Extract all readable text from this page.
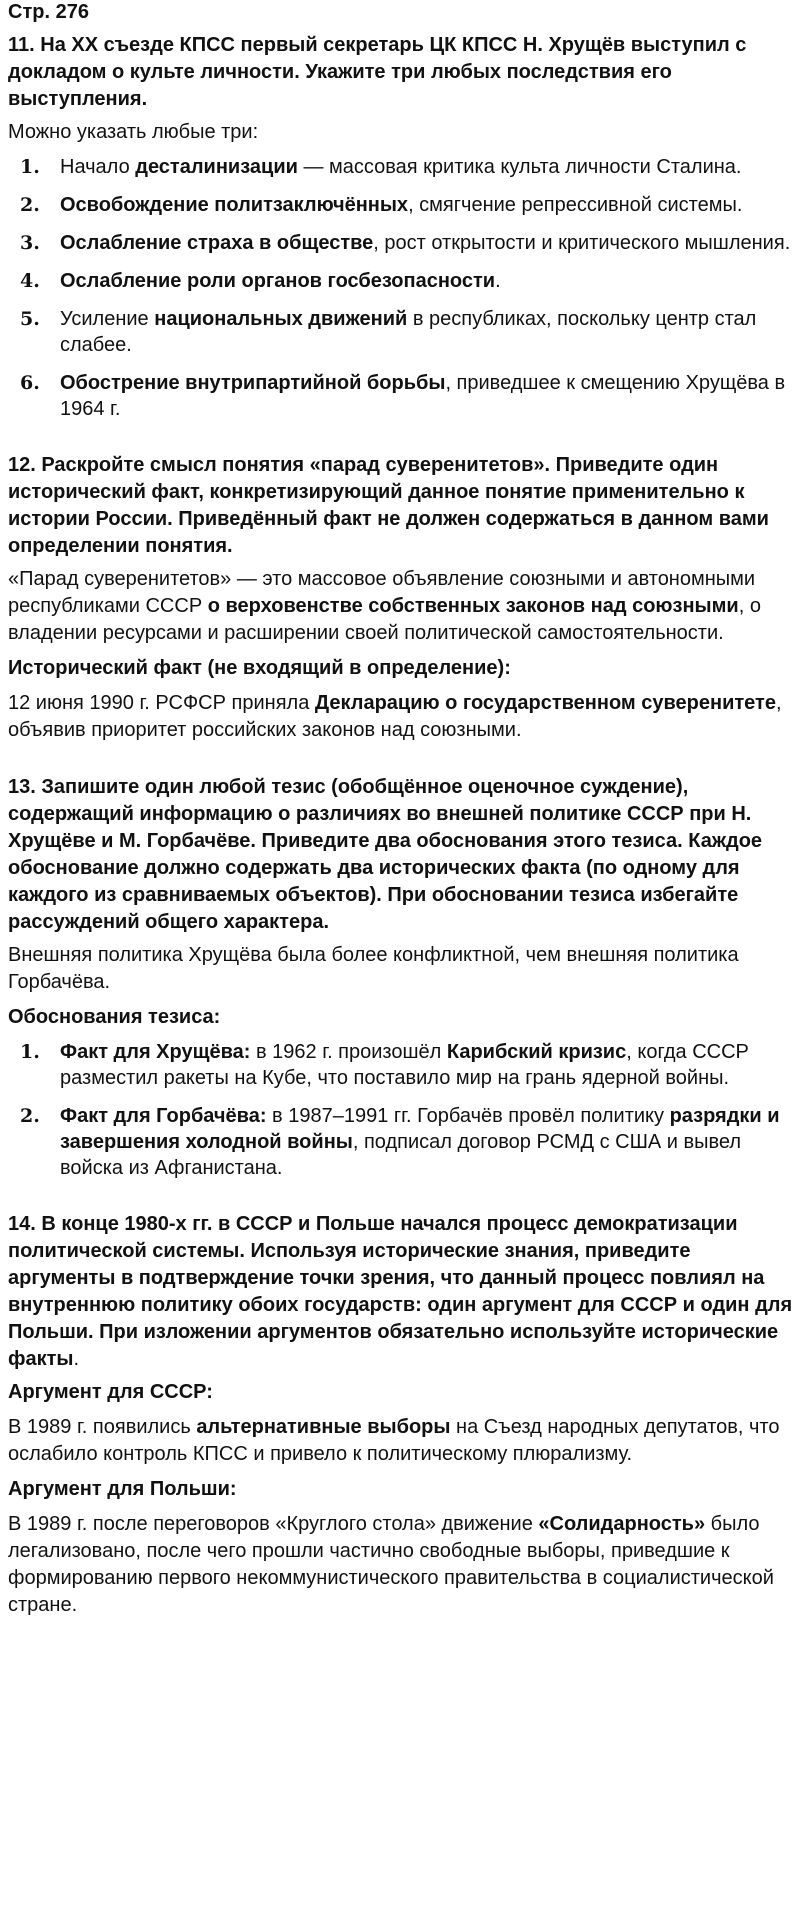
Стр. 276
11. На XX съезде КПСС первый секретарь ЦК КПСС Н. Хрущёв выступил с докладом о культе личности. Укажите три любых последствия его выступления.
Можно указать любые три:
1. Начало десталинизации — массовая критика культа личности Сталина.
2. Освобождение политзаключённых, смягчение репрессивной системы.
3. Ослабление страха в обществе, рост открытости и критического мышления.
4. Ослабление роли органов госбезопасности.
5. Усиление национальных движений в республиках, поскольку центр стал слабее.
6. Обострение внутрипартийной борьбы, приведшее к смещению Хрущёва в 1964 г.
12. Раскройте смысл понятия «парад суверенитетов». Приведите один исторический факт, конкретизирующий данное понятие применительно к истории России. Приведённый факт не должен содержаться в данном вами определении понятия.
«Парад суверенитетов» — это массовое объявление союзными и автономными республиками СССР о верховенстве собственных законов над союзными, о владении ресурсами и расширении своей политической самостоятельности.
Исторический факт (не входящий в определение):
12 июня 1990 г. РСФСР приняла Декларацию о государственном суверенитете, объявив приоритет российских законов над союзными.
13. Запишите один любой тезис (обобщённое оценочное суждение), содержащий информацию о различиях во внешней политике СССР при Н. Хрущёве и М. Горбачёве. Приведите два обоснования этого тезиса. Каждое обоснование должно содержать два исторических факта (по одному для каждого из сравниваемых объектов). При обосновании тезиса избегайте рассуждений общего характера.
Внешняя политика Хрущёва была более конфликтной, чем внешняя политика Горбачёва.
Обоснования тезиса:
1. Факт для Хрущёва: в 1962 г. произошёл Карибский кризис, когда СССР разместил ракеты на Кубе, что поставило мир на грань ядерной войны.
2. Факт для Горбачёва: в 1987–1991 гг. Горбачёв провёл политику разрядки и завершения холодной войны, подписал договор РСМД с США и вывел войска из Афганистана.
14. В конце 1980-х гг. в СССР и Польше начался процесс демократизации политической системы. Используя исторические знания, приведите аргументы в подтверждение точки зрения, что данный процесс повлиял на внутреннюю политику обоих государств: один аргумент для СССР и один для Польши. При изложении аргументов обязательно используйте исторические факты.
Аргумент для СССР:
В 1989 г. появились альтернативные выборы на Съезд народных депутатов, что ослабило контроль КПСС и привело к политическому плюрализму.
Аргумент для Польши:
В 1989 г. после переговоров «Круглого стола» движение «Солидарность» было легализовано, после чего прошли частично свободные выборы, приведшие к формированию первого некоммунистического правительства в социалистической стране.
